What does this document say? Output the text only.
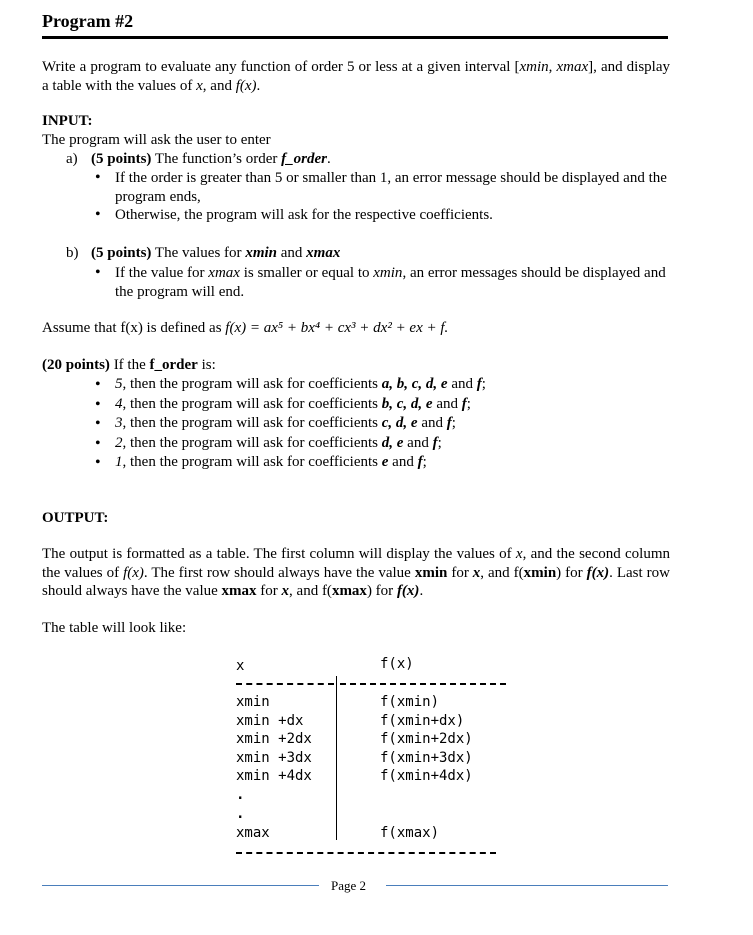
Program #2

Write a program to evaluate any function of order 5 or less at a given interval [xmin, xmax], and display a table with the values of x, and f(x).

INPUT:
The program will ask the user to enter
a) (5 points) The function’s order f_order.
• If the order is greater than 5 or smaller than 1, an error message should be displayed and the program ends,
• Otherwise, the program will ask for the respective coefficients.
b) (5 points) The values for xmin and xmax
• If the value for xmax is smaller or equal to xmin, an error messages should be displayed and the program will end.
Assume that f(x) is defined as f(x) = ax⁵ + bx⁴ + cx³ + dx² + ex + f.
(20 points) If the f_order is:
• 5, then the program will ask for coefficients a, b, c, d, e and f;
• 4, then the program will ask for coefficients b, c, d, e and f;
• 3, then the program will ask for coefficients c, d, e and f;
• 2, then the program will ask for coefficients d, e and f;
• 1, then the program will ask for coefficients e and f;
OUTPUT:

The output is formatted as a table. The first column will display the values of x, and the second column the values of f(x). The first row should always have the value xmin for x, and f(xmin) for f(x). Last row should always have the value xmax for x, and f(xmax) for f(x).

The table will look like:
x	f(x)
xmin
xmin +dx
xmin +2dx
xmin +3dx
xmin +4dx
f(xmin)
f(xmin+dx)
f(xmin+2dx)
f(xmin+3dx)
f(xmin+4dx)
.
.
xmax	f(xmax)
Page 2
